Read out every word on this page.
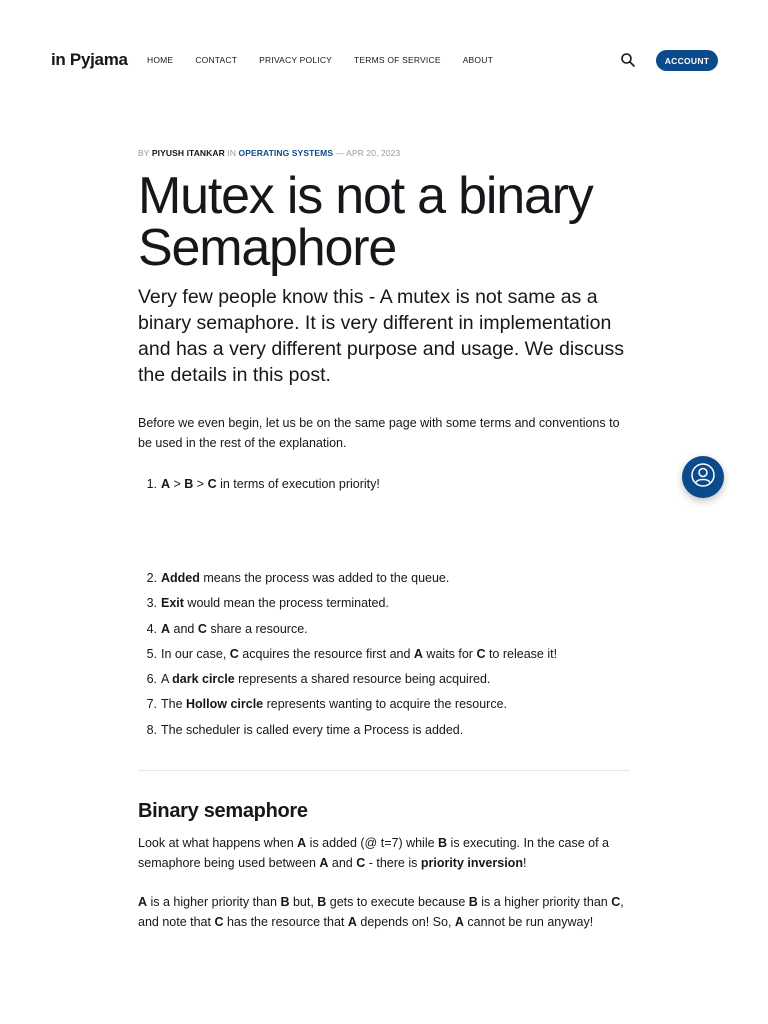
in Pyjama HOME	CONTACT	PRIVACY POLICY	TERMS OF SERVICE	ABOUT	ACCOUNT
BY PIYUSH ITANKAR IN OPERATING SYSTEMS — APR 20, 2023
Mutex is not a binary Semaphore

Very few people know this - A mutex is not same as a binary semaphore. It is very different in implementation and has a very different purpose and usage. We discuss the details in this post.

Before we even begin, let us be on the same page with some terms and conventions to be used in the rest of the explanation.

1. A > B > C in terms of execution priority!
2. Added means the process was added to the queue.
3. Exit would mean the process terminated.
4. A and C share a resource.
5. In our case, C acquires the resource first and A waits for C to release it!
6. A dark circle represents a shared resource being acquired.
7. The Hollow circle represents wanting to acquire the resource.
8. The scheduler is called every time a Process is added.
Binary semaphore

Look at what happens when A is added (@ t=7) while B is executing. In the case of a semaphore being used between A and C - there is priority inversion!

A is a higher priority than B but, B gets to execute because B is a higher priority than C, and note that C has the resource that A depends on! So, A cannot be run anyway!
